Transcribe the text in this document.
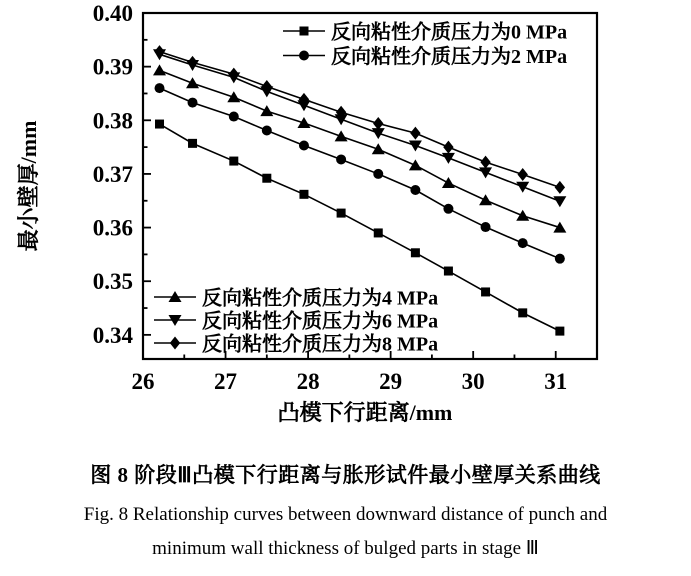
26	27	28	29	30	31
0.34
0.35
0.36
0.37
0.38
0.39
0.40
凸模下行距离/mm
最小壁厚/mm
反向粘性介质压力为0 MPa
反向粘性介质压力为2 MPa
反向粘性介质压力为4 MPa
反向粘性介质压力为6 MPa
反向粘性介质压力为8 MPa
图 8 阶段Ⅲ凸模下行距离与胀形试件最小壁厚关系曲线
Fig. 8 Relationship curves between downward distance of punch and
minimum wall thickness of bulged parts in stage Ⅲ
